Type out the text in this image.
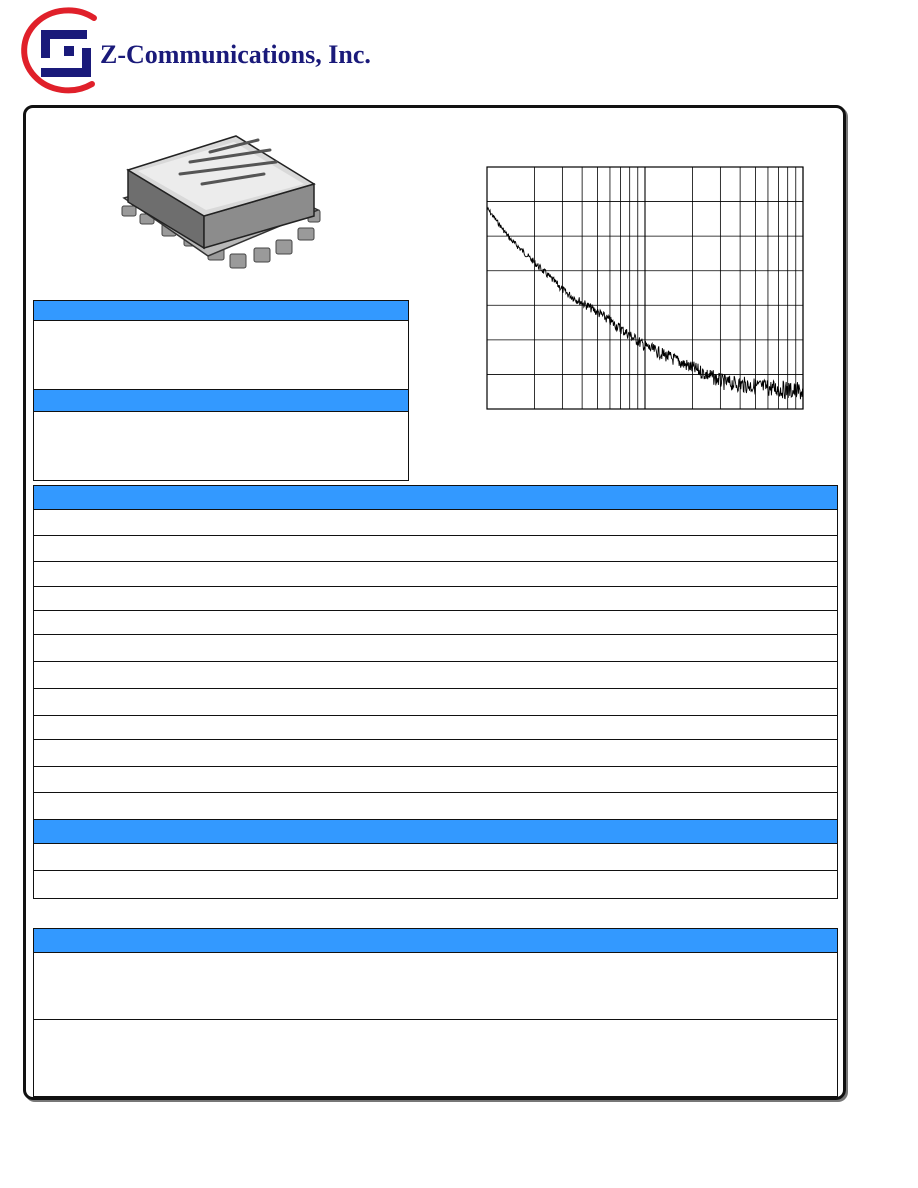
Z-Communications, Inc.
